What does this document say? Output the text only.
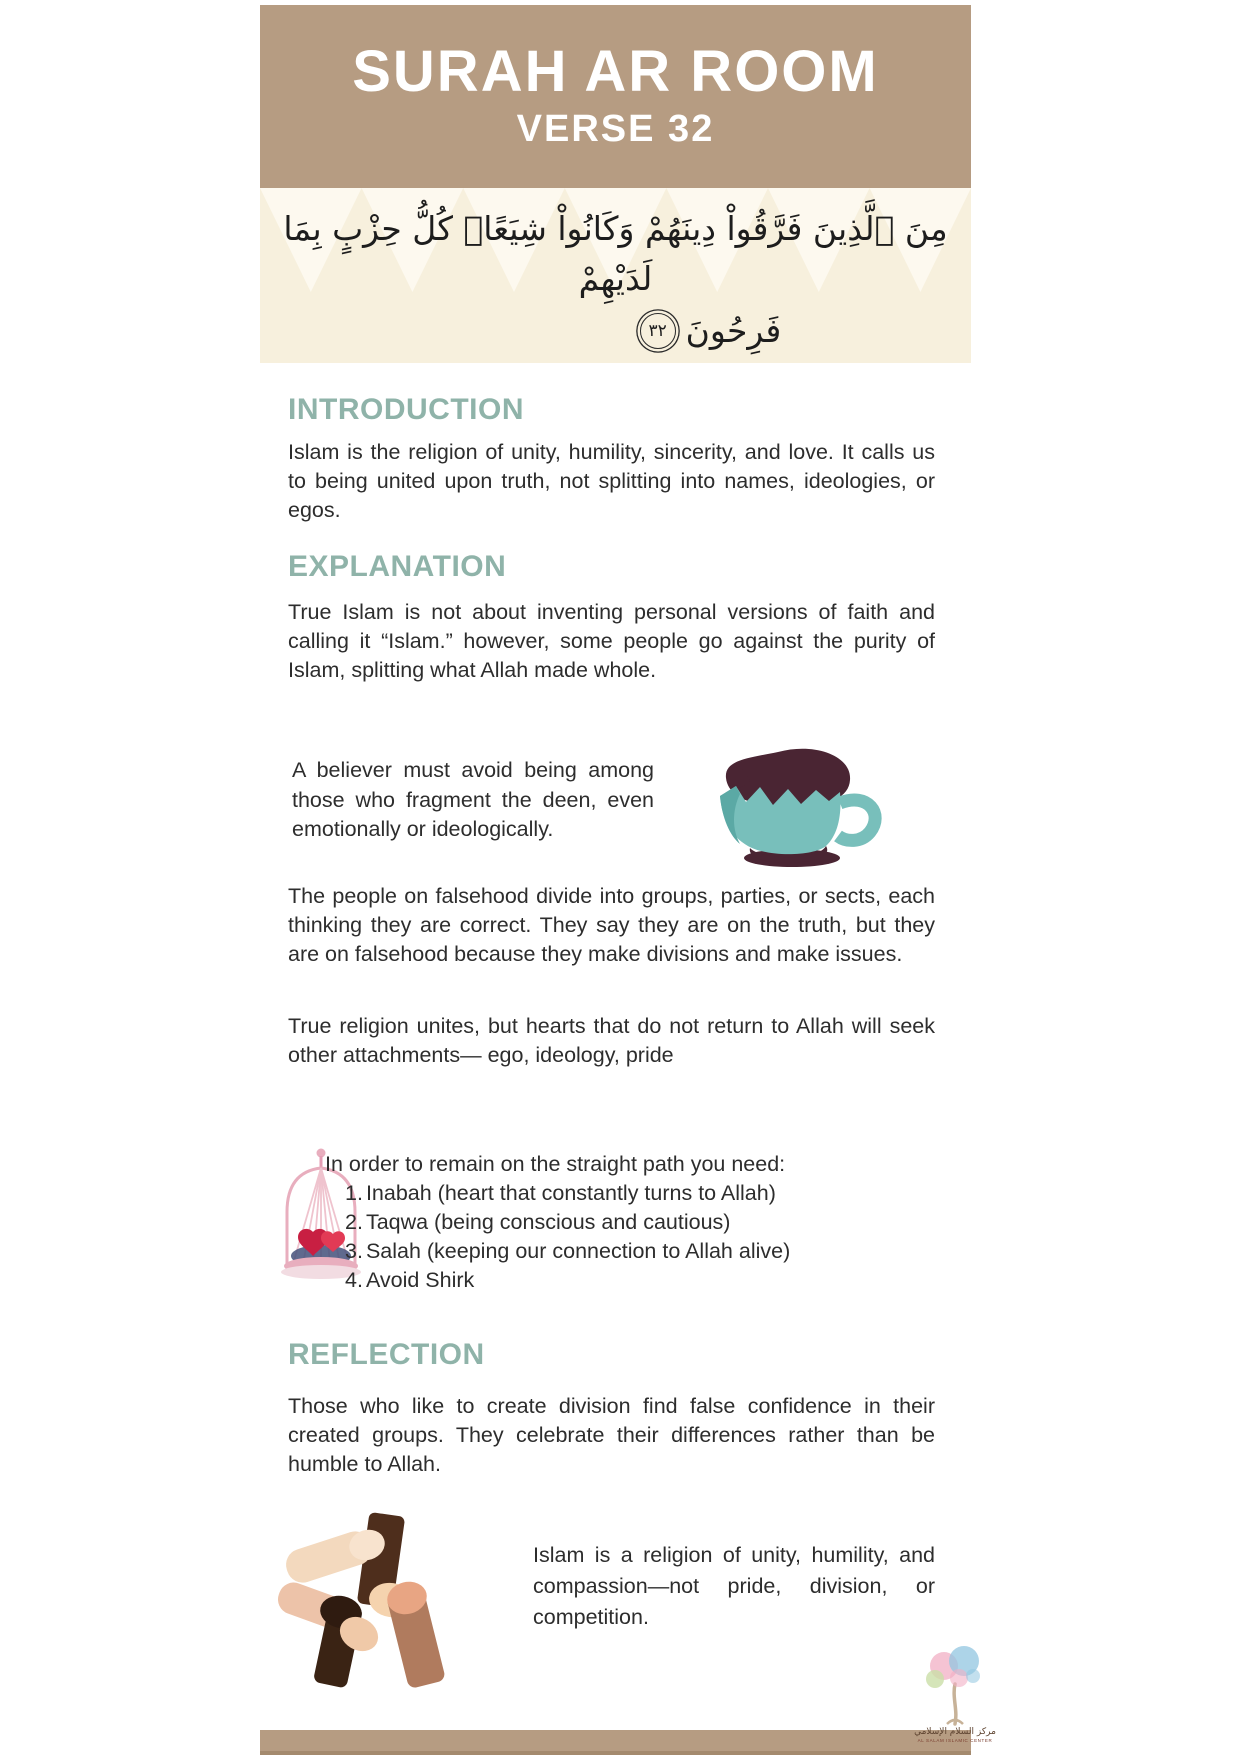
SURAH AR ROOM
VERSE 32
مِنَ ٱلَّذِينَ فَرَّقُواْ دِينَهُمْ وَكَانُواْ شِيَعًاۖ كُلُّ حِزْبٍ بِمَا لَدَيْهِمْ
فَرِحُونَ
٣٢
INTRODUCTION
Islam is the religion of unity, humility, sincerity, and love. It calls us to being united upon truth, not splitting into names, ideologies, or egos.
EXPLANATION
True Islam is not about inventing personal versions of faith and calling it “Islam.” however, some people go against the purity of Islam, splitting what Allah made whole.
A believer must avoid being among those who fragment the deen, even emotionally or ideologically.
The people on falsehood divide into groups, parties, or sects, each thinking they are correct. They say they are on the truth, but they are on falsehood because they make divisions and make issues.
True religion unites, but hearts that do not return to Allah will seek other attachments— ego, ideology, pride
In order to remain on the straight path you need:
1. Inabah (heart that constantly turns to Allah)
2. Taqwa (being conscious and cautious)
3. Salah (keeping our connection to Allah alive)
4. Avoid Shirk
REFLECTION
Those who like to create division find false confidence in their created groups. They celebrate their differences rather than be humble to Allah.
Islam is a religion of unity, humility, and compassion—not pride, division, or competition.
مركز السلام الإسلامي
AL SALAM ISLAMIC CENTER
